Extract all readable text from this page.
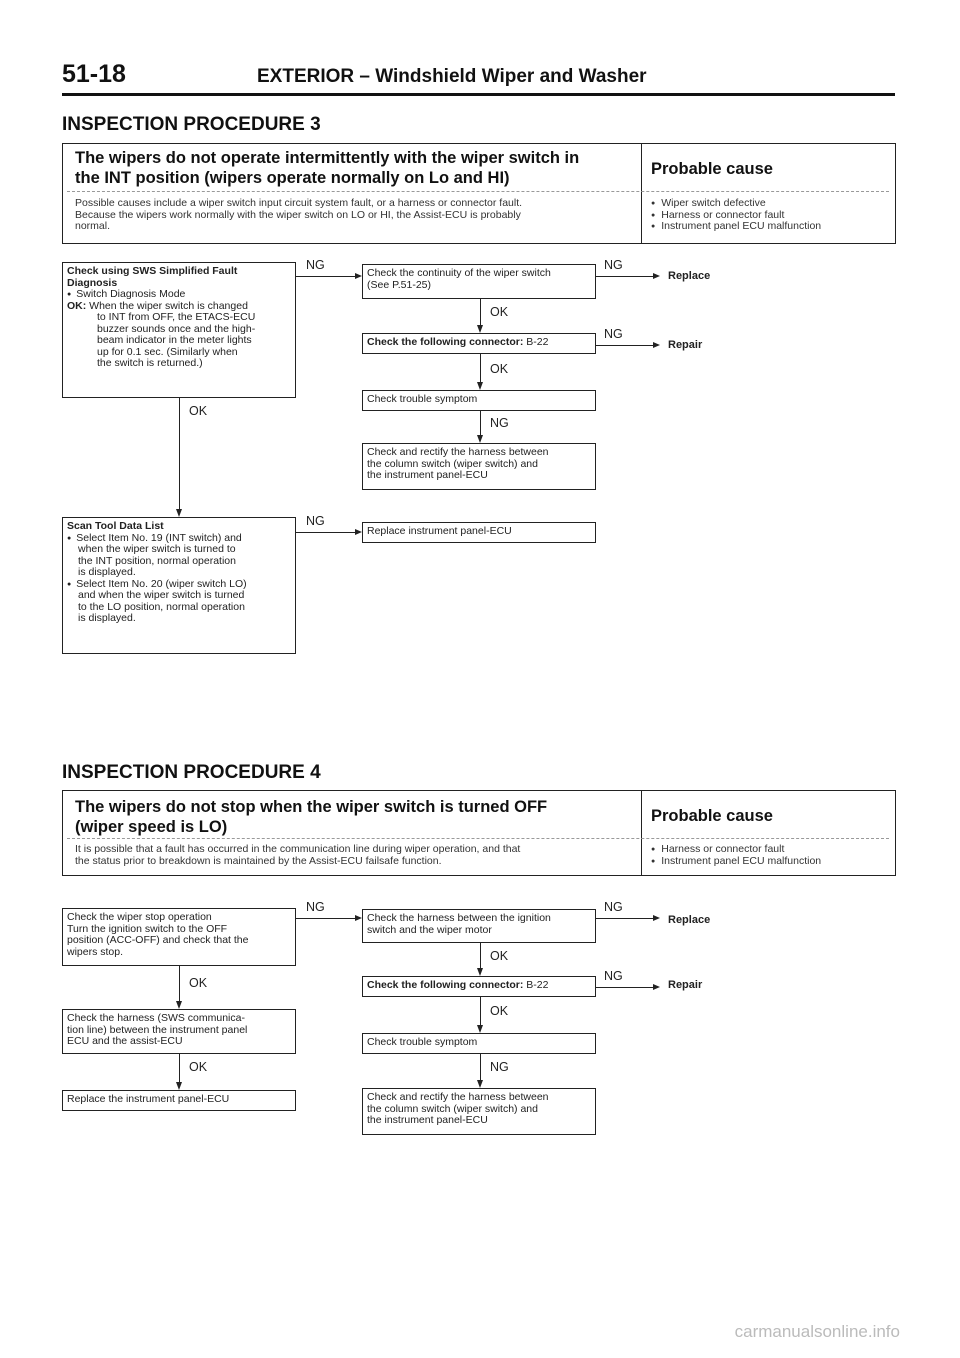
51-18	EXTERIOR – Windshield Wiper and Washer
INSPECTION PROCEDURE 3
The wipers do not operate intermittently with the wiper switch in
the INT position (wipers operate normally on Lo and HI)	Probable cause
Possible causes include a wiper switch input circuit system fault, or a harness or connector fault.
Because the wipers work normally with the wiper switch on LO or HI, the Assist-ECU is probably
normal.
● Wiper switch defective
● Harness or connector fault
● Instrument panel ECU malfunction
Check using SWS Simplified Fault
Diagnosis
● Switch Diagnosis Mode
OK: When the wiper switch is changed
to INT from OFF, the ETACS-ECU
buzzer sounds once and the high-
beam indicator in the meter lights
up for 0.1 sec. (Similarly when
the switch is returned.)
Check the continuity of the wiper switch
(See P.51-25)
Check the following connector: B-22
Check trouble symptom
Check and rectify the harness between
the column switch (wiper switch) and
the instrument panel-ECU
Scan Tool Data List
● Select Item No. 19 (INT switch) and
when the wiper switch is turned to
the INT position, normal operation
is displayed.
● Select Item No. 20 (wiper switch LO)
and when the wiper switch is turned
to the LO position, normal operation
is displayed.
Replace instrument panel-ECU
NG	NG
Replace
OK
NG
Repair
OK
NG
OK
NG
INSPECTION PROCEDURE 4
The wipers do not stop when the wiper switch is turned OFF
(wiper speed is LO)
Probable cause
It is possible that a fault has occurred in the communication line during wiper operation, and that
the status prior to breakdown is maintained by the Assist-ECU failsafe function.
● Harness or connector fault
● Instrument panel ECU malfunction
Check the wiper stop operation
Turn the ignition switch to the OFF
position (ACC-OFF) and check that the
wipers stop.
Check the harness (SWS communica-
tion line) between the instrument panel
ECU and the assist-ECU
Replace the instrument panel-ECU
Check the harness between the ignition
switch and the wiper motor
Check the following connector: B-22
Check trouble symptom
Check and rectify the harness between
the column switch (wiper switch) and
the instrument panel-ECU
NG	NG
Replace
OK
NG
Repair
OK
NG
OK
OK
carmanualsonline.info
